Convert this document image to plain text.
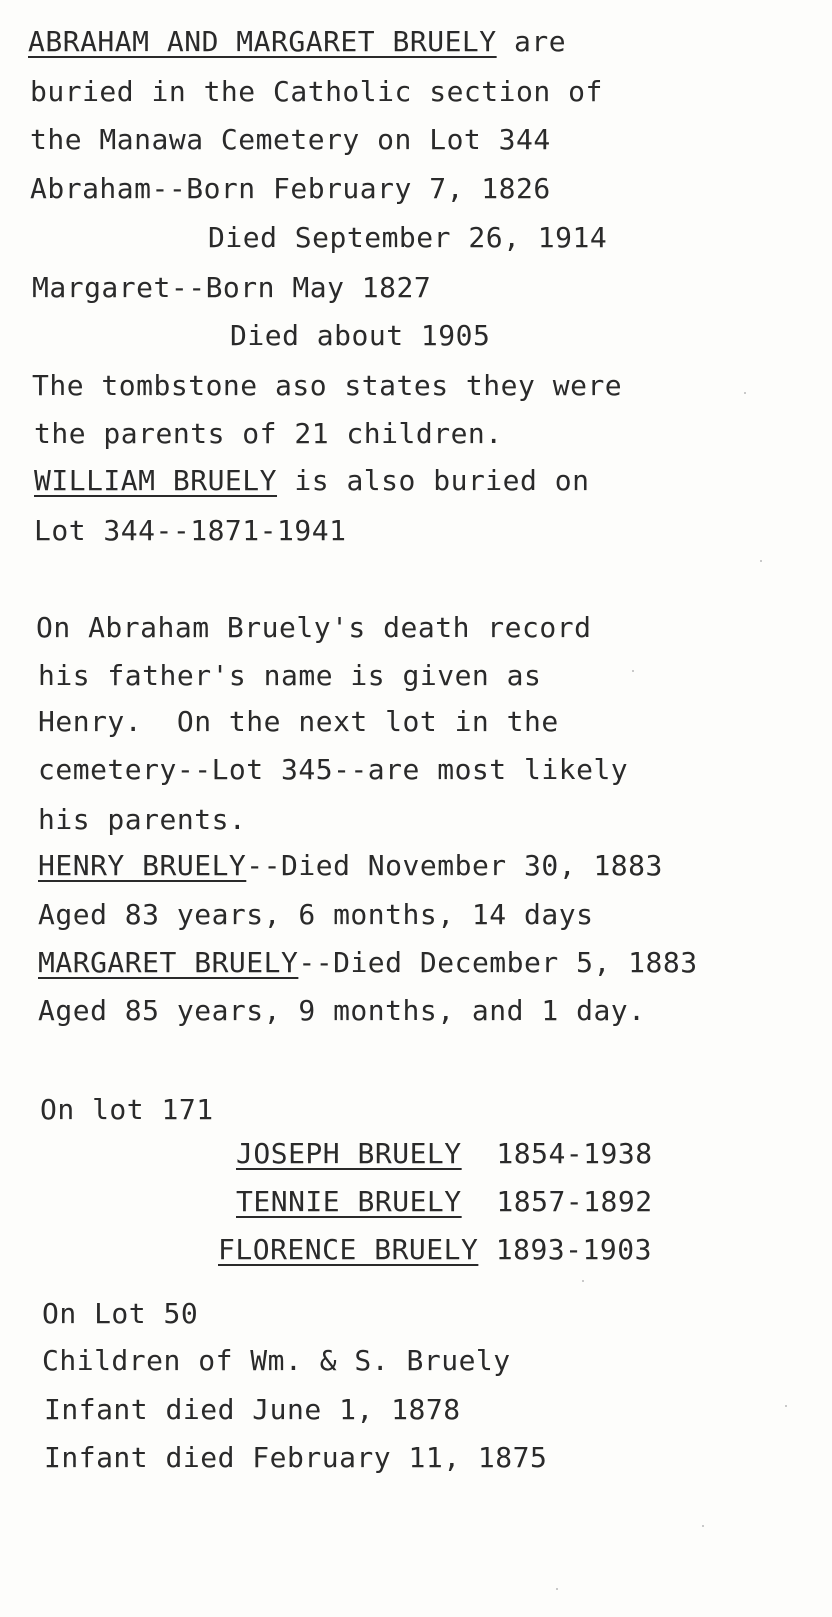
ABRAHAM AND MARGARET BRUELY are
buried in the Catholic section of
the Manawa Cemetery on Lot 344
Abraham--Born February 7, 1826
Died September 26, 1914
Margaret--Born May 1827
Died about 1905
The tombstone aso states they were
the parents of 21 children.
WILLIAM BRUELY is also buried on
Lot 344--1871-1941
On Abraham Bruely's death record
his father's name is given as
Henry.  On the next lot in the
cemetery--Lot 345--are most likely
his parents.
HENRY BRUELY--Died November 30, 1883
Aged 83 years, 6 months, 14 days
MARGARET BRUELY--Died December 5, 1883
Aged 85 years, 9 months, and 1 day.
On lot 171
JOSEPH BRUELY 1854-1938
TENNIE BRUELY 1857-1892
FLORENCE BRUELY 1893-1903
On Lot 50
Children of Wm. & S. Bruely
Infant died June 1, 1878
Infant died February 11, 1875
